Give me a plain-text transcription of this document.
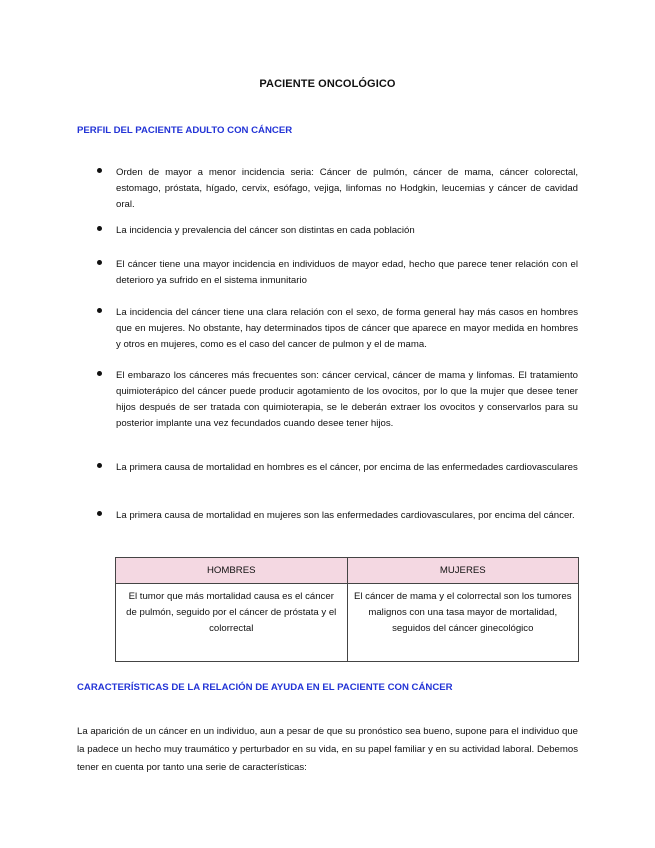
PACIENTE ONCOLÓGICO
PERFIL DEL PACIENTE ADULTO CON CÁNCER
Orden de mayor a menor incidencia seria: Cáncer de pulmón, cáncer de mama, cáncer colorectal, estomago, próstata, hígado, cervix, esófago, vejiga, linfomas no Hodgkin, leucemias y cáncer de cavidad oral.
La incidencia y prevalencia del cáncer son distintas en cada población
El cáncer tiene una mayor incidencia en individuos de mayor edad, hecho que parece tener relación con el deterioro ya sufrido en el sistema inmunitario
La incidencia del cáncer tiene una clara relación con el sexo, de forma general hay más casos en hombres que en mujeres. No obstante, hay determinados tipos de cáncer que aparece en mayor medida en hombres y otros en mujeres, como es el caso del cancer de pulmon y el de mama.
El embarazo los cánceres más frecuentes son: cáncer cervical, cáncer de mama y linfomas. El tratamiento quimioterápico del cáncer puede producir agotamiento de los ovocitos, por lo que la mujer que desee tener hijos después de ser tratada con quimioterapia, se le deberán extraer los ovocitos y conservarlos para su posterior implante una vez fecundados cuando desee tener hijos.
La primera causa de mortalidad en hombres es el cáncer, por encima de las enfermedades cardiovasculares
La primera causa de mortalidad en mujeres son las enfermedades cardiovasculares, por encima del cáncer.
HOMBRES	MUJERES
El tumor que más mortalidad causa es el cáncer de pulmón, seguido por el cáncer de próstata y el colorrectal	El cáncer de mama y el colorrectal son los tumores malignos con una tasa mayor de mortalidad, seguidos del cáncer ginecológico
CARACTERÍSTICAS DE LA RELACIÓN DE AYUDA EN EL PACIENTE CON CÁNCER

La aparición de un cáncer en un individuo, aun a pesar de que su pronóstico sea bueno, supone para el individuo que la padece un hecho muy traumático y perturbador en su vida, en su papel familiar y en su actividad laboral. Debemos tener en cuenta por tanto una serie de características:
